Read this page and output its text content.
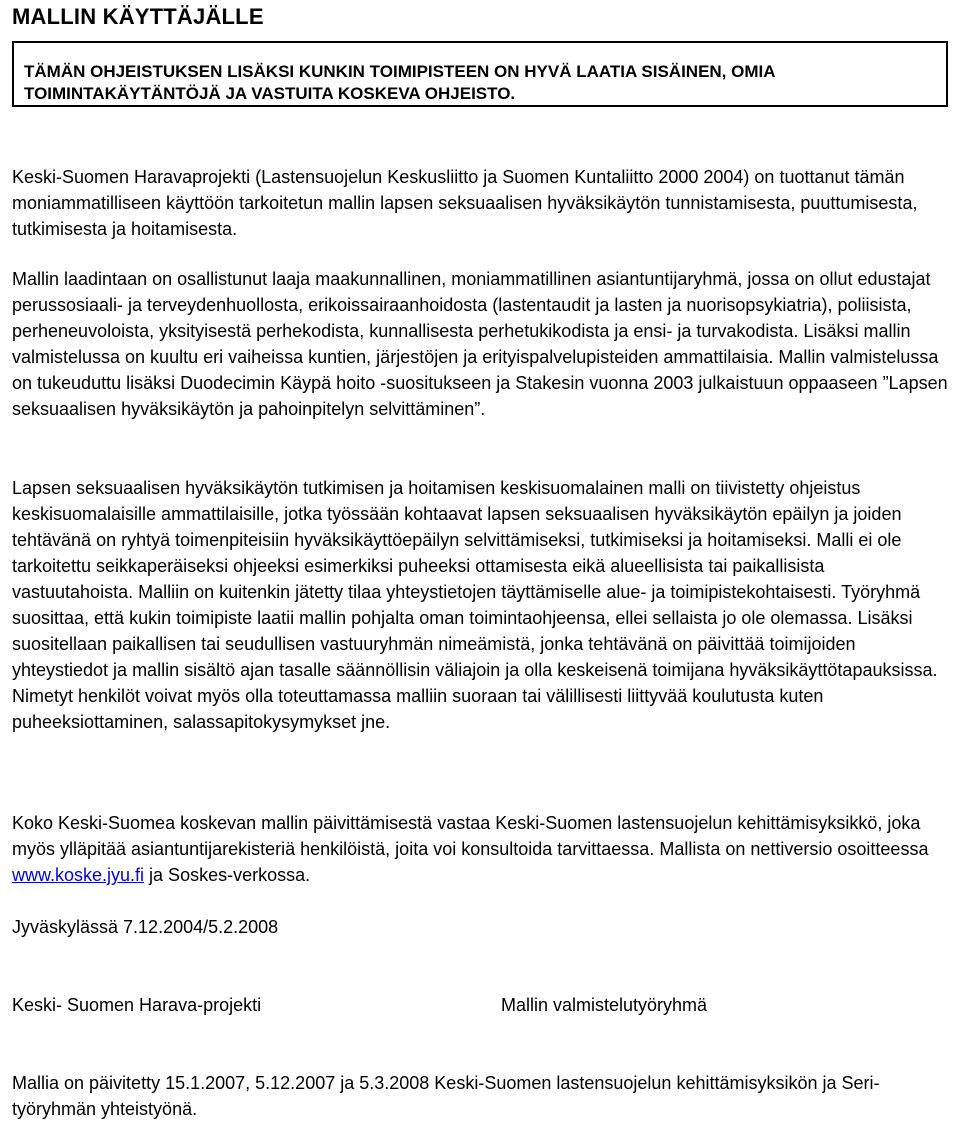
MALLIN KÄYTTÄJÄLLE

TÄMÄN OHJEISTUKSEN LISÄKSI KUNKIN TOIMIPISTEEN ON HYVÄ LAATIA SISÄINEN, OMIA TOIMINTAKÄYTÄNTÖJÄ JA VASTUITA KOSKEVA OHJEISTO.

Keski-Suomen Haravaprojekti (Lastensuojelun Keskusliitto ja Suomen Kuntaliitto 2000 2004) on tuottanut tämän moniammatilliseen käyttöön tarkoitetun mallin lapsen seksuaalisen hyväksikäytön tunnistamisesta, puuttumisesta, tutkimisesta ja hoitamisesta.

Mallin laadintaan on osallistunut laaja maakunnallinen, moniammatillinen asiantuntijaryhmä, jossa on ollut edustajat perussosiaali- ja terveydenhuollosta, erikoissairaanhoidosta (lastentaudit ja lasten ja nuorisopsykiatria), poliisista, perheneuvoloista, yksityisestä perhekodista, kunnallisesta perhetukikodista ja ensi- ja turvakodista. Lisäksi mallin valmistelussa on kuultu eri vaiheissa kuntien, järjestöjen ja erityispalvelupisteiden ammattilaisia. Mallin valmistelussa on tukeuduttu lisäksi Duodecimin Käypä hoito -suositukseen ja Stakesin vuonna 2003 julkaistuun oppaaseen ”Lapsen seksuaalisen hyväksikäytön ja pahoinpitelyn selvittäminen”.

Lapsen seksuaalisen hyväksikäytön tutkimisen ja hoitamisen keskisuomalainen malli on tiivistetty ohjeistus keskisuomalaisille ammattilaisille, jotka työssään kohtaavat lapsen seksuaalisen hyväksikäytön epäilyn ja joiden tehtävänä on ryhtyä toimenpiteisiin hyväksikäyttöepäilyn selvittämiseksi, tutkimiseksi ja hoitamiseksi. Malli ei ole tarkoitettu seikkaperäiseksi ohjeeksi esimerkiksi puheeksi ottamisesta eikä alueellisista tai paikallisista vastuutahoista. Malliin on kuitenkin jätetty tilaa yhteystietojen täyttämiselle alue- ja toimipistekohtaisesti. Työryhmä suosittaa, että kukin toimipiste laatii mallin pohjalta oman toimintaohjeensa, ellei sellaista jo ole olemassa. Lisäksi suositellaan paikallisen tai seudullisen vastuuryhmän nimeämistä, jonka tehtävänä on päivittää toimijoiden yhteystiedot ja mallin sisältö ajan tasalle säännöllisin väliajoin ja olla keskeisenä toimijana hyväksikäyttötapauksissa. Nimetyt henkilöt voivat myös olla toteuttamassa malliin suoraan tai välillisesti liittyvää koulutusta kuten puheeksiottaminen, salassapitokysymykset jne.

Koko Keski-Suomea koskevan mallin päivittämisestä vastaa Keski-Suomen lastensuojelun kehittämisyksikkö, joka myös ylläpitää asiantuntijarekisteriä henkilöistä, joita voi konsultoida tarvittaessa. Mallista on nettiversio osoitteessa www.koske.jyu.fi ja Soskes-verkossa.

Jyväskylässä 7.12.2004/5.2.2008

Keski- Suomen Harava-projekti	Mallin valmistelutyöryhmä

Mallia on päivitetty 15.1.2007, 5.12.2007 ja 5.3.2008 Keski-Suomen lastensuojelun kehittämisyksikön ja Seri-työryhmän yhteistyönä.
